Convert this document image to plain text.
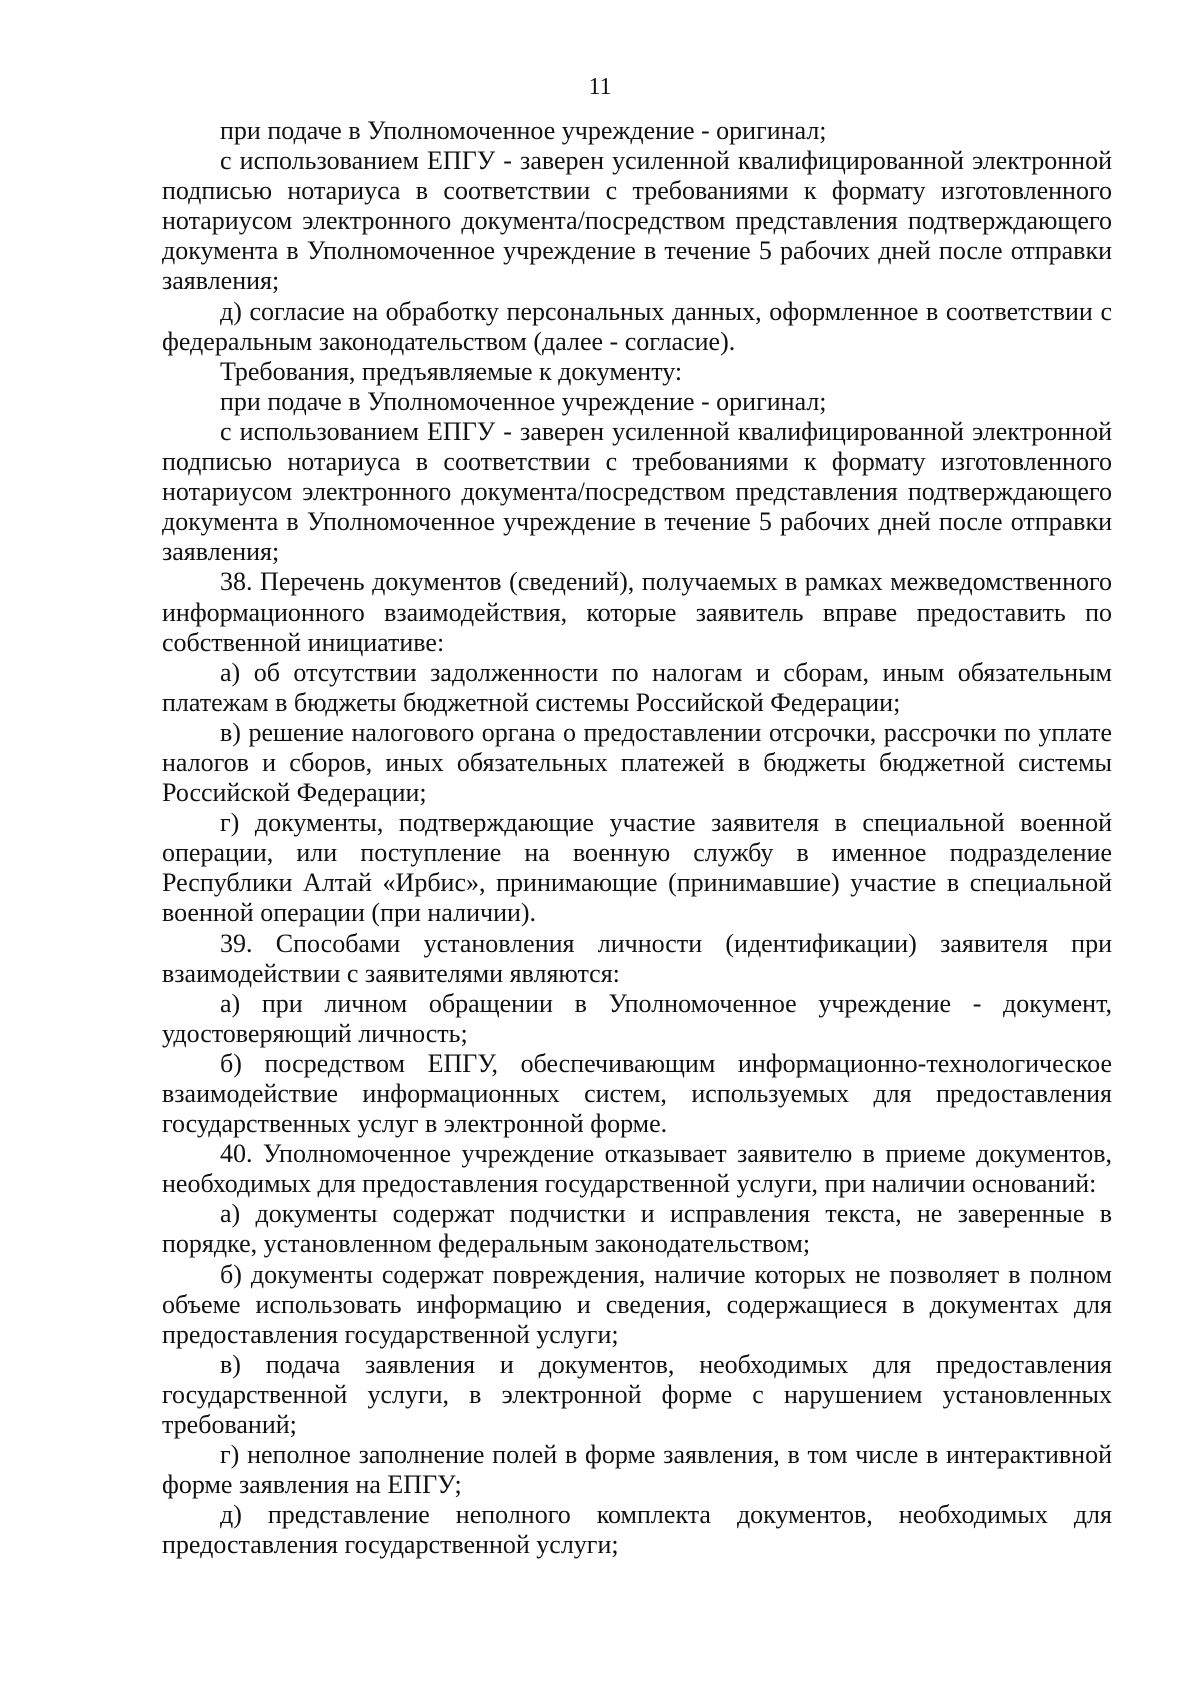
11

при подаче в Уполномоченное учреждение - оригинал;

с использованием ЕПГУ - заверен усиленной квалифицированной электронной подписью нотариуса в соответствии с требованиями к формату изготовленного нотариусом электронного документа/посредством представления подтверждающего документа в Уполномоченное учреждение в течение 5 рабочих дней после отправки заявления;

д) согласие на обработку персональных данных, оформленное в соответствии с федеральным законодательством (далее - согласие).

Требования, предъявляемые к документу:

при подаче в Уполномоченное учреждение - оригинал;

с использованием ЕПГУ - заверен усиленной квалифицированной электронной подписью нотариуса в соответствии с требованиями к формату изготовленного нотариусом электронного документа/посредством представления подтверждающего документа в Уполномоченное учреждение в течение 5 рабочих дней после отправки заявления;

38. Перечень документов (сведений), получаемых в рамках межведомственного информационного взаимодействия, которые заявитель вправе предоставить по собственной инициативе:

а) об отсутствии задолженности по налогам и сборам, иным обязательным платежам в бюджеты бюджетной системы Российской Федерации;

в) решение налогового органа о предоставлении отсрочки, рассрочки по уплате налогов и сборов, иных обязательных платежей в бюджеты бюджетной системы Российской Федерации;

г) документы, подтверждающие участие заявителя в специальной военной операции, или поступление на военную службу в именное подразделение Республики Алтай «Ирбис», принимающие (принимавшие) участие в специальной военной операции (при наличии).

39. Способами установления личности (идентификации) заявителя при взаимодействии с заявителями являются:

а) при личном обращении в Уполномоченное учреждение - документ, удостоверяющий личность;

б) посредством ЕПГУ, обеспечивающим информационно-технологическое взаимодействие информационных систем, используемых для предоставления государственных услуг в электронной форме.

40. Уполномоченное учреждение отказывает заявителю в приеме документов, необходимых для предоставления государственной услуги, при наличии оснований:

а) документы содержат подчистки и исправления текста, не заверенные в порядке, установленном федеральным законодательством;

б) документы содержат повреждения, наличие которых не позволяет в полном объеме использовать информацию и сведения, содержащиеся в документах для предоставления государственной услуги;

в) подача заявления и документов, необходимых для предоставления государственной услуги, в электронной форме с нарушением установленных требований;

г) неполное заполнение полей в форме заявления, в том числе в интерактивной форме заявления на ЕПГУ;

д) представление неполного комплекта документов, необходимых для предоставления государственной услуги;
